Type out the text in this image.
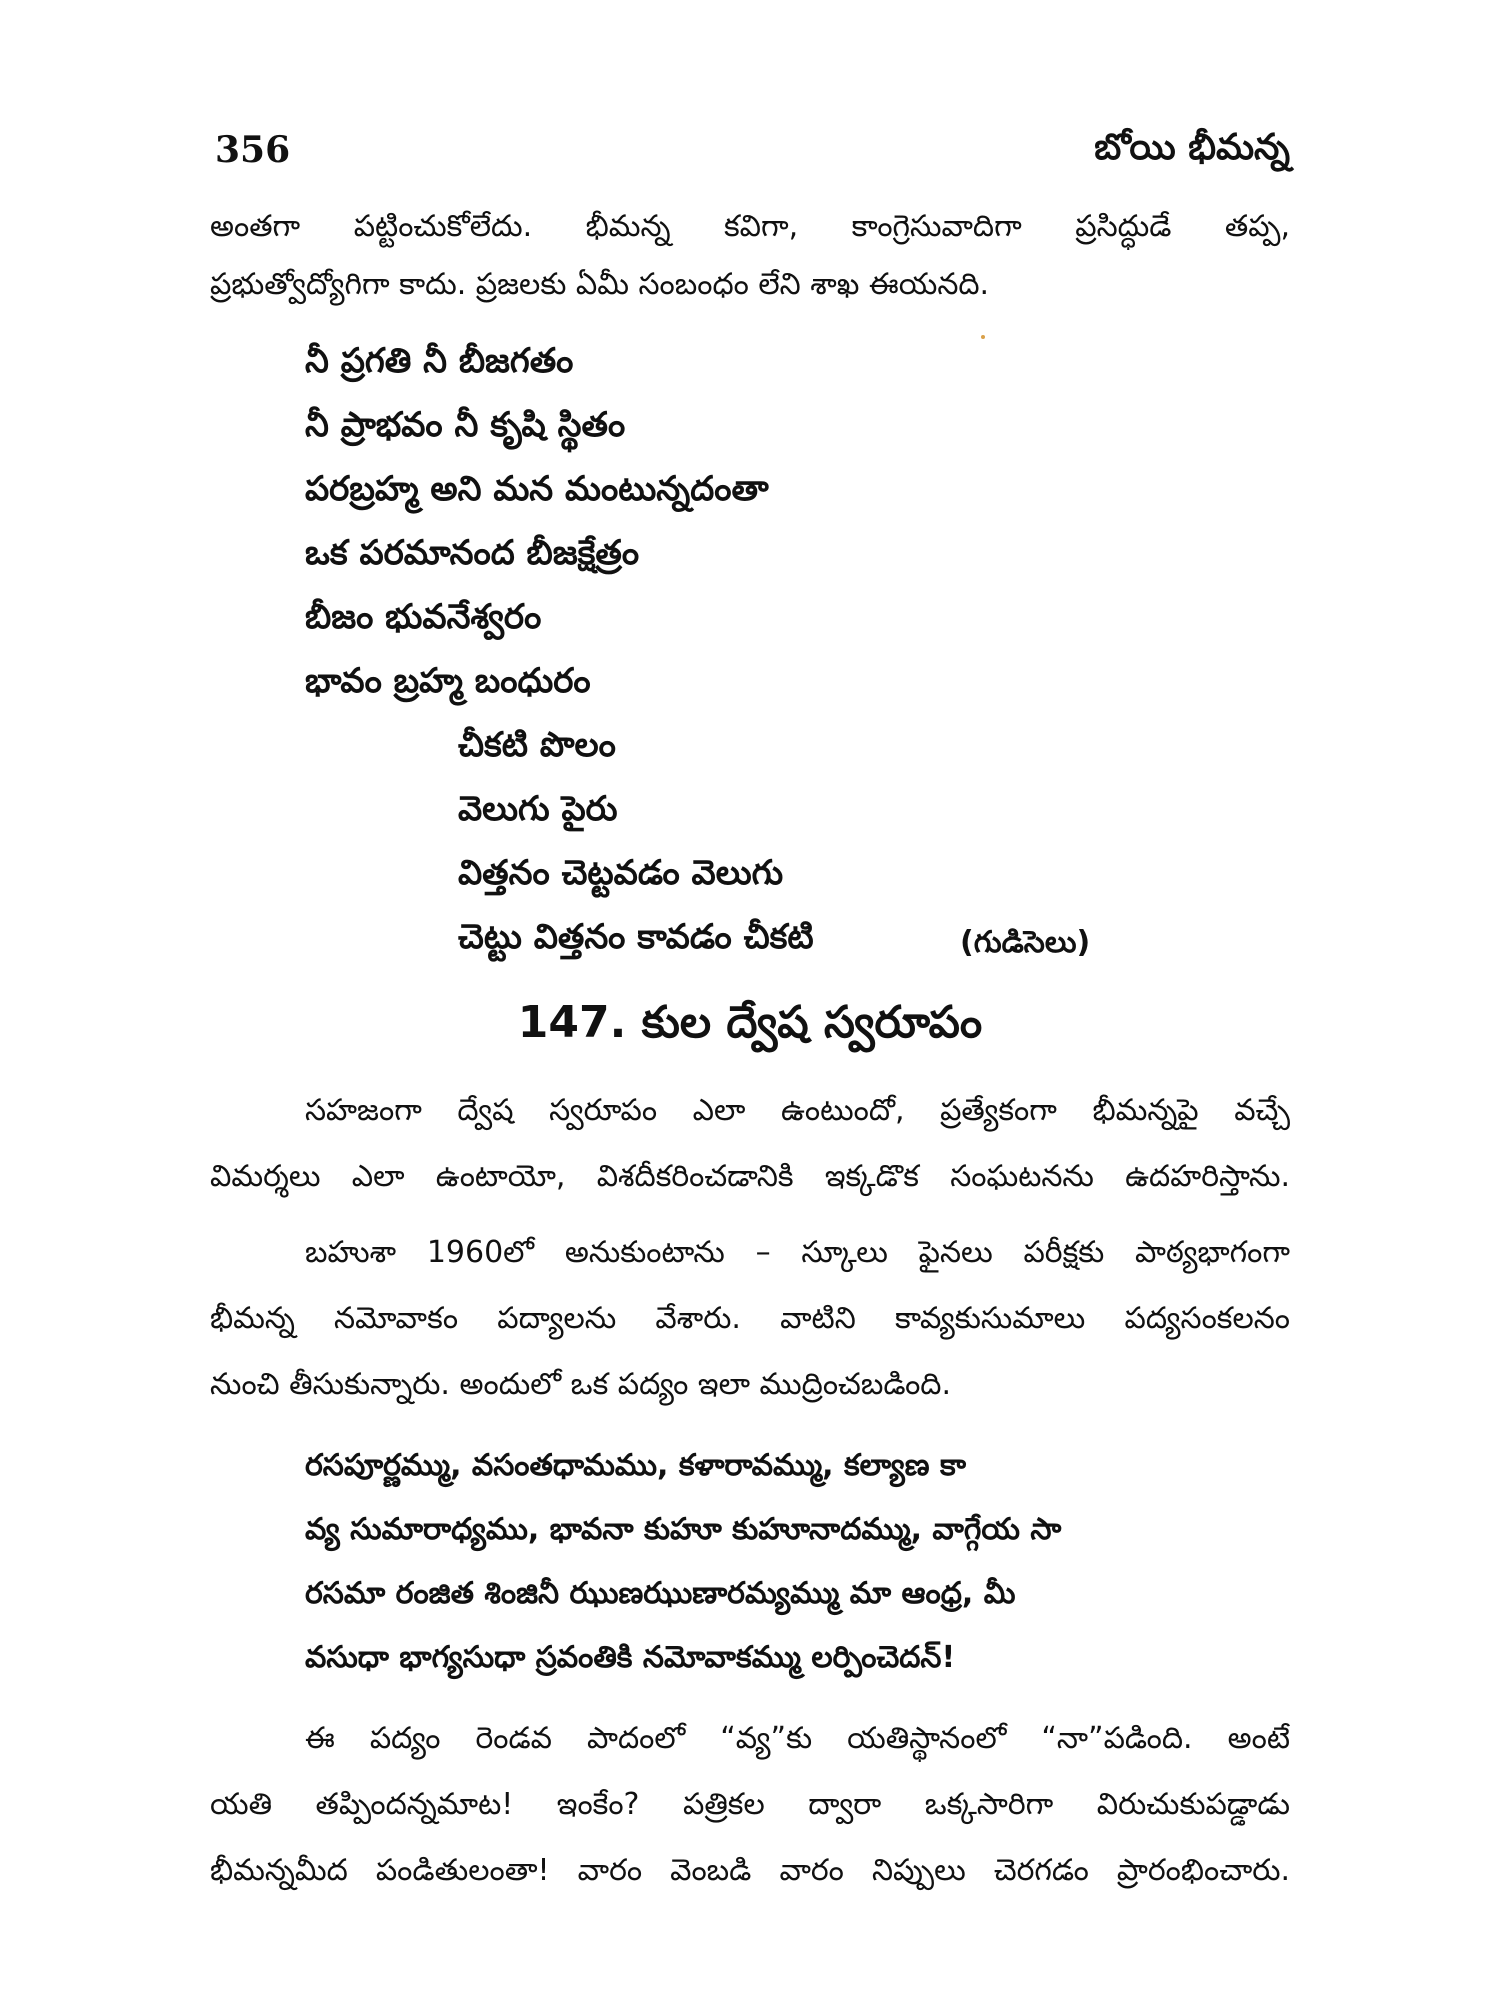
356	బోయి భీమన్న
అంతగా పట్టించుకోలేదు. భీమన్న కవిగా, కాంగ్రెసువాదిగా ప్రసిద్ధుడే తప్ప,
ప్రభుత్వోద్యోగిగా కాదు. ప్రజలకు ఏమీ సంబంధం లేని శాఖ ఈయనది.
నీ ప్రగతి నీ బీజగతం
నీ ప్రాభవం నీ కృషి స్థితం
పరబ్రహ్మ అని మన మంటున్నదంతా
ఒక పరమానంద బీజక్షేత్రం
బీజం భువనేశ్వరం
భావం బ్రహ్మ బంధురం
చీకటి పొలం
వెలుగు పైరు
విత్తనం చెట్టవడం వెలుగు
చెట్టు విత్తనం కావడం చీకటి	(గుడిసెలు)
147. కుల ద్వేష స్వరూపం
సహజంగా ద్వేష స్వరూపం ఎలా ఉంటుందో, ప్రత్యేకంగా భీమన్నపై వచ్చే
విమర్శలు ఎలా ఉంటాయో, విశదీకరించడానికి ఇక్కడొక సంఘటనను ఉదహరిస్తాను.
బహుశా 1960లో అనుకుంటాను – స్కూలు ఫైనలు పరీక్షకు పాఠ్యభాగంగా
భీమన్న నమోవాకం పద్యాలను వేశారు. వాటిని కావ్యకుసుమాలు పద్యసంకలనం
నుంచి తీసుకున్నారు. అందులో ఒక పద్యం ఇలా ముద్రించబడింది.
రసపూర్ణమ్ము, వసంతధామము, కళారావమ్ము, కల్యాణ కా
వ్య సుమారాధ్యము, భావనా కుహూ కుహూనాదమ్ము, వాగ్గేయ సా
రసమా రంజిత శింజినీ ఝుణఝుణారమ్యమ్ము మా ఆంధ్ర, మీ
వసుధా భాగ్యసుధా స్రవంతికి నమోవాకమ్ము లర్పించెదన్!
ఈ పద్యం రెండవ పాదంలో “వ్య”కు యతిస్థానంలో “నా”పడింది. అంటే
యతి తప్పిందన్నమాట! ఇంకేం? పత్రికల ద్వారా ఒక్కసారిగా విరుచుకుపడ్డాడు
భీమన్నమీద పండితులంతా! వారం వెంబడి వారం నిప్పులు చెరగడం ప్రారంభించారు.
